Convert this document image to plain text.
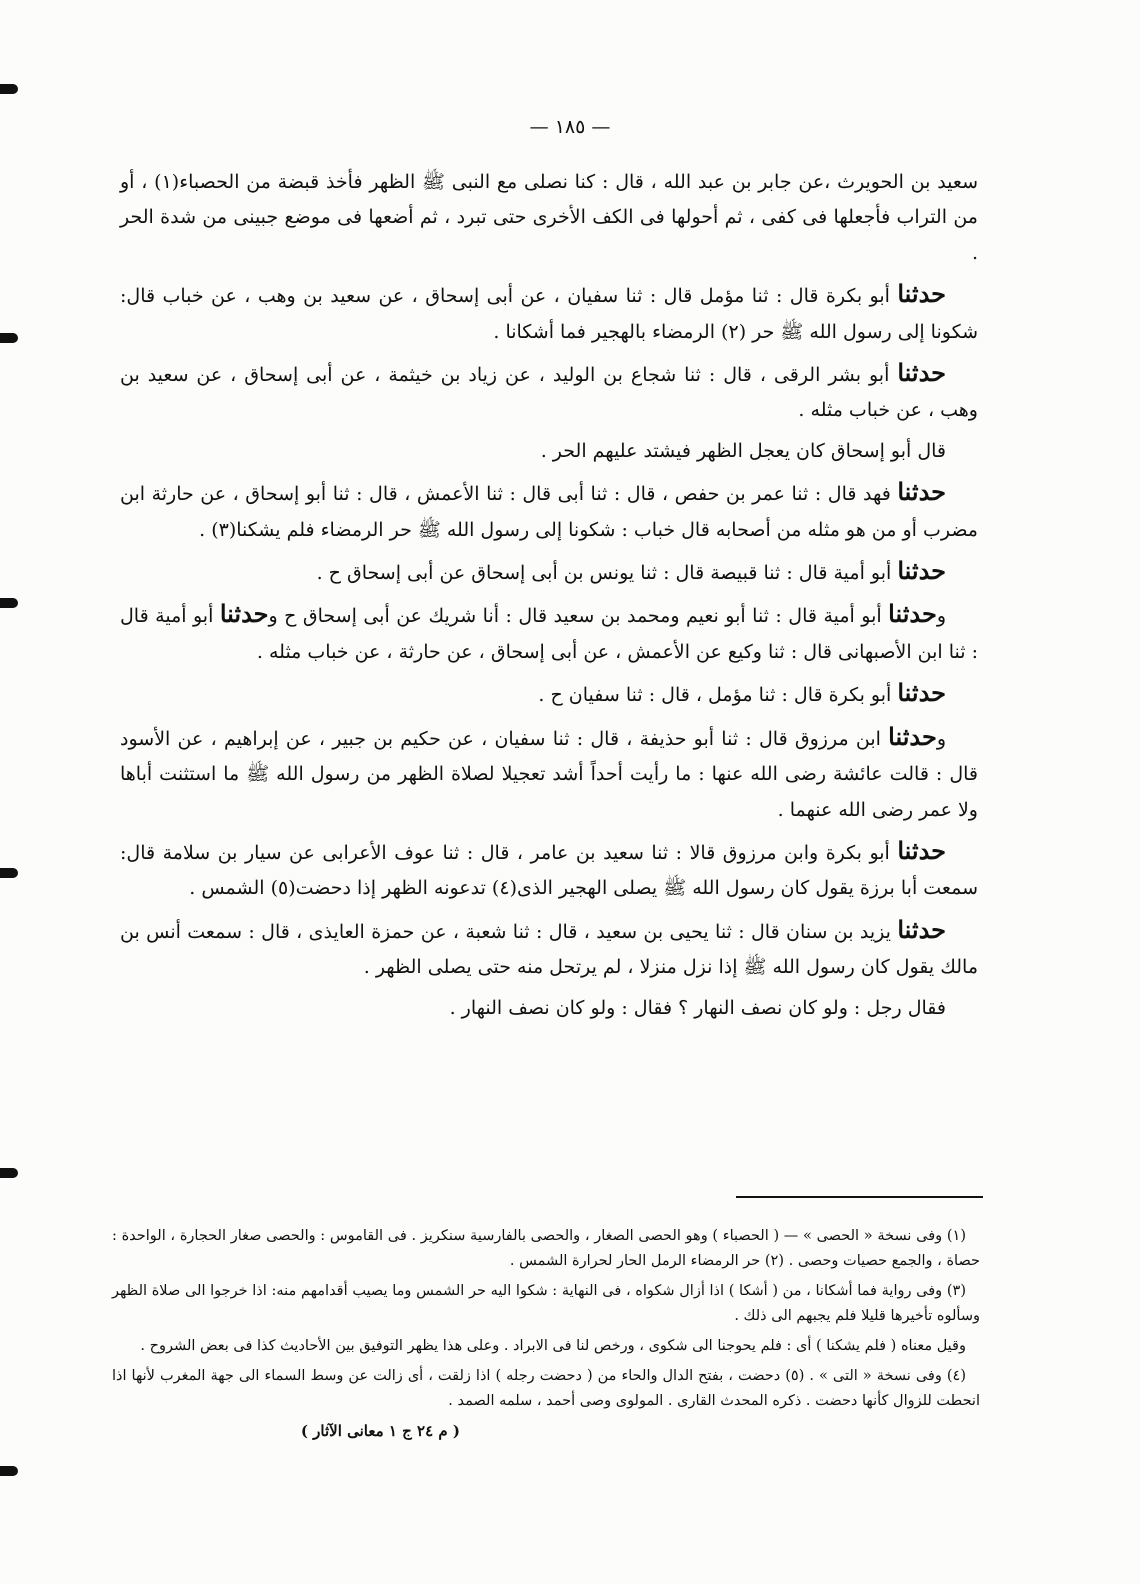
— ١٨٥ —

سعيد بن الحويرث ،عن جابر بن عبد الله ، قال : كنا نصلى مع النبى ﷺ الظهر فأخذ قبضة من الحصباء(١) ، أو من التراب فأجعلها فى كفى ، ثم أحولها فى الكف الأخرى حتى تبرد ، ثم أضعها فى موضع جبينى من شدة الحر .

حدثنا أبو بكرة قال : ثنا مؤمل قال : ثنا سفيان ، عن أبى إسحاق ، عن سعيد بن وهب ، عن خباب قال: شكونا إلى رسول الله ﷺ حر (٢) الرمضاء بالهجير فما أشكانا .

حدثنا أبو بشر الرقى ، قال : ثنا شجاع بن الوليد ، عن زياد بن خيثمة ، عن أبى إسحاق ، عن سعيد بن وهب ، عن خباب مثله .

قال أبو إسحاق كان يعجل الظهر فيشتد عليهم الحر .

حدثنا فهد قال : ثنا عمر بن حفص ، قال : ثنا أبى قال : ثنا الأعمش ، قال : ثنا أبو إسحاق ، عن حارثة ابن مضرب أو من هو مثله من أصحابه قال خباب : شكونا إلى رسول الله ﷺ حر الرمضاء فلم يشكنا(٣) .

حدثنا أبو أمية قال : ثنا قبيصة قال : ثنا يونس بن أبى إسحاق عن أبى إسحاق ح .

وحدثنا أبو أمية قال : ثنا أبو نعيم ومحمد بن سعيد قال : أنا شريك عن أبى إسحاق ح وحدثنا أبو أمية قال : ثنا ابن الأصبهانى قال : ثنا وكيع عن الأعمش ، عن أبى إسحاق ، عن حارثة ، عن خباب مثله .

حدثنا أبو بكرة قال : ثنا مؤمل ، قال : ثنا سفيان ح .

وحدثنا ابن مرزوق قال : ثنا أبو حذيفة ، قال : ثنا سفيان ، عن حكيم بن جبير ، عن إبراهيم ، عن الأسود قال : قالت عائشة رضى الله عنها : ما رأيت أحداً أشد تعجيلا لصلاة الظهر من رسول الله ﷺ ما استثنت أباها ولا عمر رضى الله عنهما .

حدثنا أبو بكرة وابن مرزوق قالا : ثنا سعيد بن عامر ، قال : ثنا عوف الأعرابى عن سيار بن سلامة قال: سمعت أبا برزة يقول كان رسول الله ﷺ يصلى الهجير الذى(٤) تدعونه الظهر إذا دحضت(٥) الشمس .

حدثنا يزيد بن سنان قال : ثنا يحيى بن سعيد ، قال : ثنا شعبة ، عن حمزة العايذى ، قال : سمعت أنس بن مالك يقول كان رسول الله ﷺ إذا نزل منزلا ، لم يرتحل منه حتى يصلى الظهر .

فقال رجل : ولو كان نصف النهار ؟ فقال : ولو كان نصف النهار .

(١) وفى نسخة « الحصى » — ( الحصباء ) وهو الحصى الصغار ، والحصى بالفارسية سنكريز . فى القاموس : والحصى صغار الحجارة ، الواحدة : حصاة ، والجمع حصيات وحصى . (٢) حر الرمضاء الرمل الحار لحرارة الشمس .

(٣) وفى رواية فما أشكانا ، من ( أشكا ) اذا أزال شكواه ، فى النهاية : شكوا اليه حر الشمس وما يصيب أقدامهم منه: اذا خرجوا الى صلاة الظهر وسألوه تأخيرها قليلا فلم يجبهم الى ذلك .

وقيل معناه ( فلم يشكنا ) أى : فلم يحوجنا الى شكوى ، ورخص لنا فى الابراد . وعلى هذا يظهر التوفيق بين الأحاديث كذا فى بعض الشروح .

(٤) وفى نسخة « التى » . (٥) دحضت ، بفتح الدال والحاء من ( دحضت رجله ) اذا زلقت ، أى زالت عن وسط السماء الى جهة المغرب لأنها اذا انحطت للزوال كأنها دحضت . ذكره المحدث القارى . المولوى وصى أحمد ، سلمه الصمد .

( م ٢٤ ج ١ معانى الآثار )
